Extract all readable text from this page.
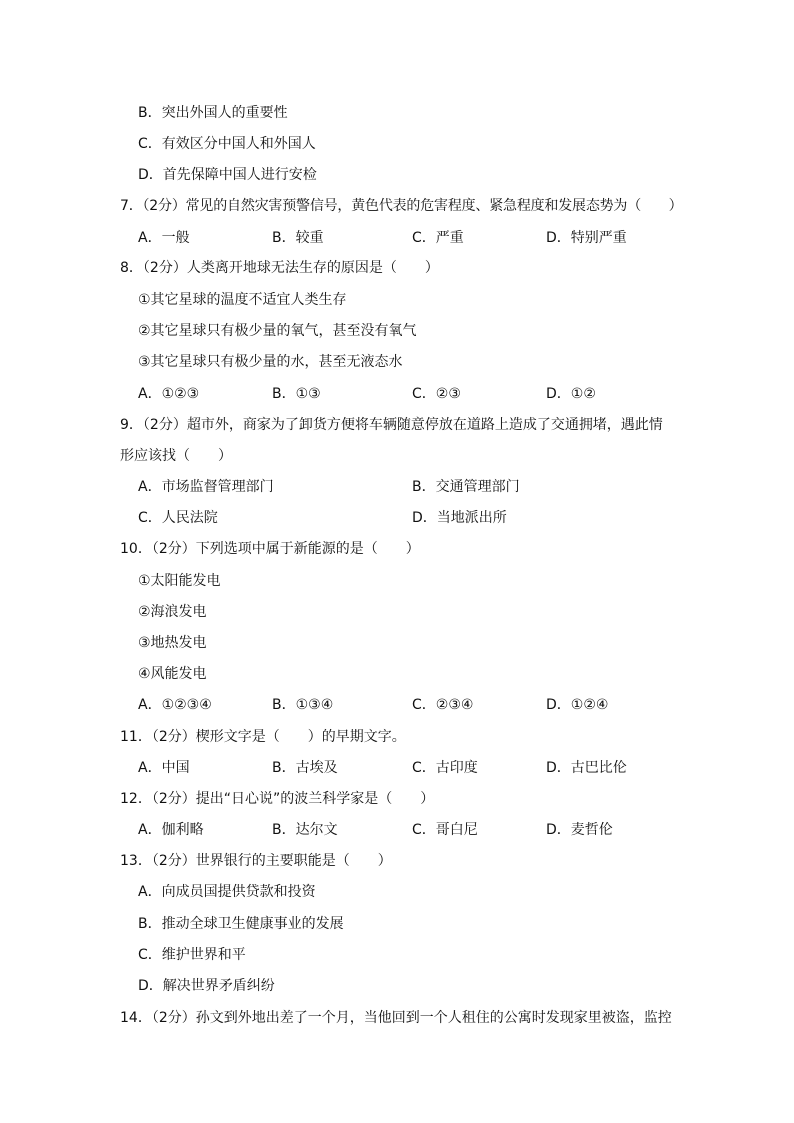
B．突出外国人的重要性
C．有效区分中国人和外国人
D．首先保障中国人进行安检
7．（2分）常见的自然灾害预警信号，黄色代表的危害程度、紧急程度和发展态势为（　　）
A．一般	B．较重	C．严重	D．特别严重
8．（2分）人类离开地球无法生存的原因是（　　）
①其它星球的温度不适宜人类生存
②其它星球只有极少量的氧气，甚至没有氧气
③其它星球只有极少量的水，甚至无液态水
A．①②③	B．①③	C．②③	D．①②
9．（2分）超市外，商家为了卸货方便将车辆随意停放在道路上造成了交通拥堵，遇此情
形应该找（　　）
A．市场监督管理部门	B．交通管理部门
C．人民法院	D．当地派出所
10．（2分）下列选项中属于新能源的是（　　）
①太阳能发电
②海浪发电
③地热发电
④风能发电
A．①②③④	B．①③④	C．②③④	D．①②④
11．（2分）楔形文字是（　　）的早期文字。
A．中国	B．古埃及	C．古印度	D．古巴比伦
12．（2分）提出“日心说”的波兰科学家是（　　）
A．伽利略	B．达尔文	C．哥白尼	D．麦哲伦
13．（2分）世界银行的主要职能是（　　）
A．向成员国提供贷款和投资
B．推动全球卫生健康事业的发展
C．维护世界和平
D．解决世界矛盾纠纷
14．（2分）孙文到外地出差了一个月，当他回到一个人租住的公寓时发现家里被盗，监控
